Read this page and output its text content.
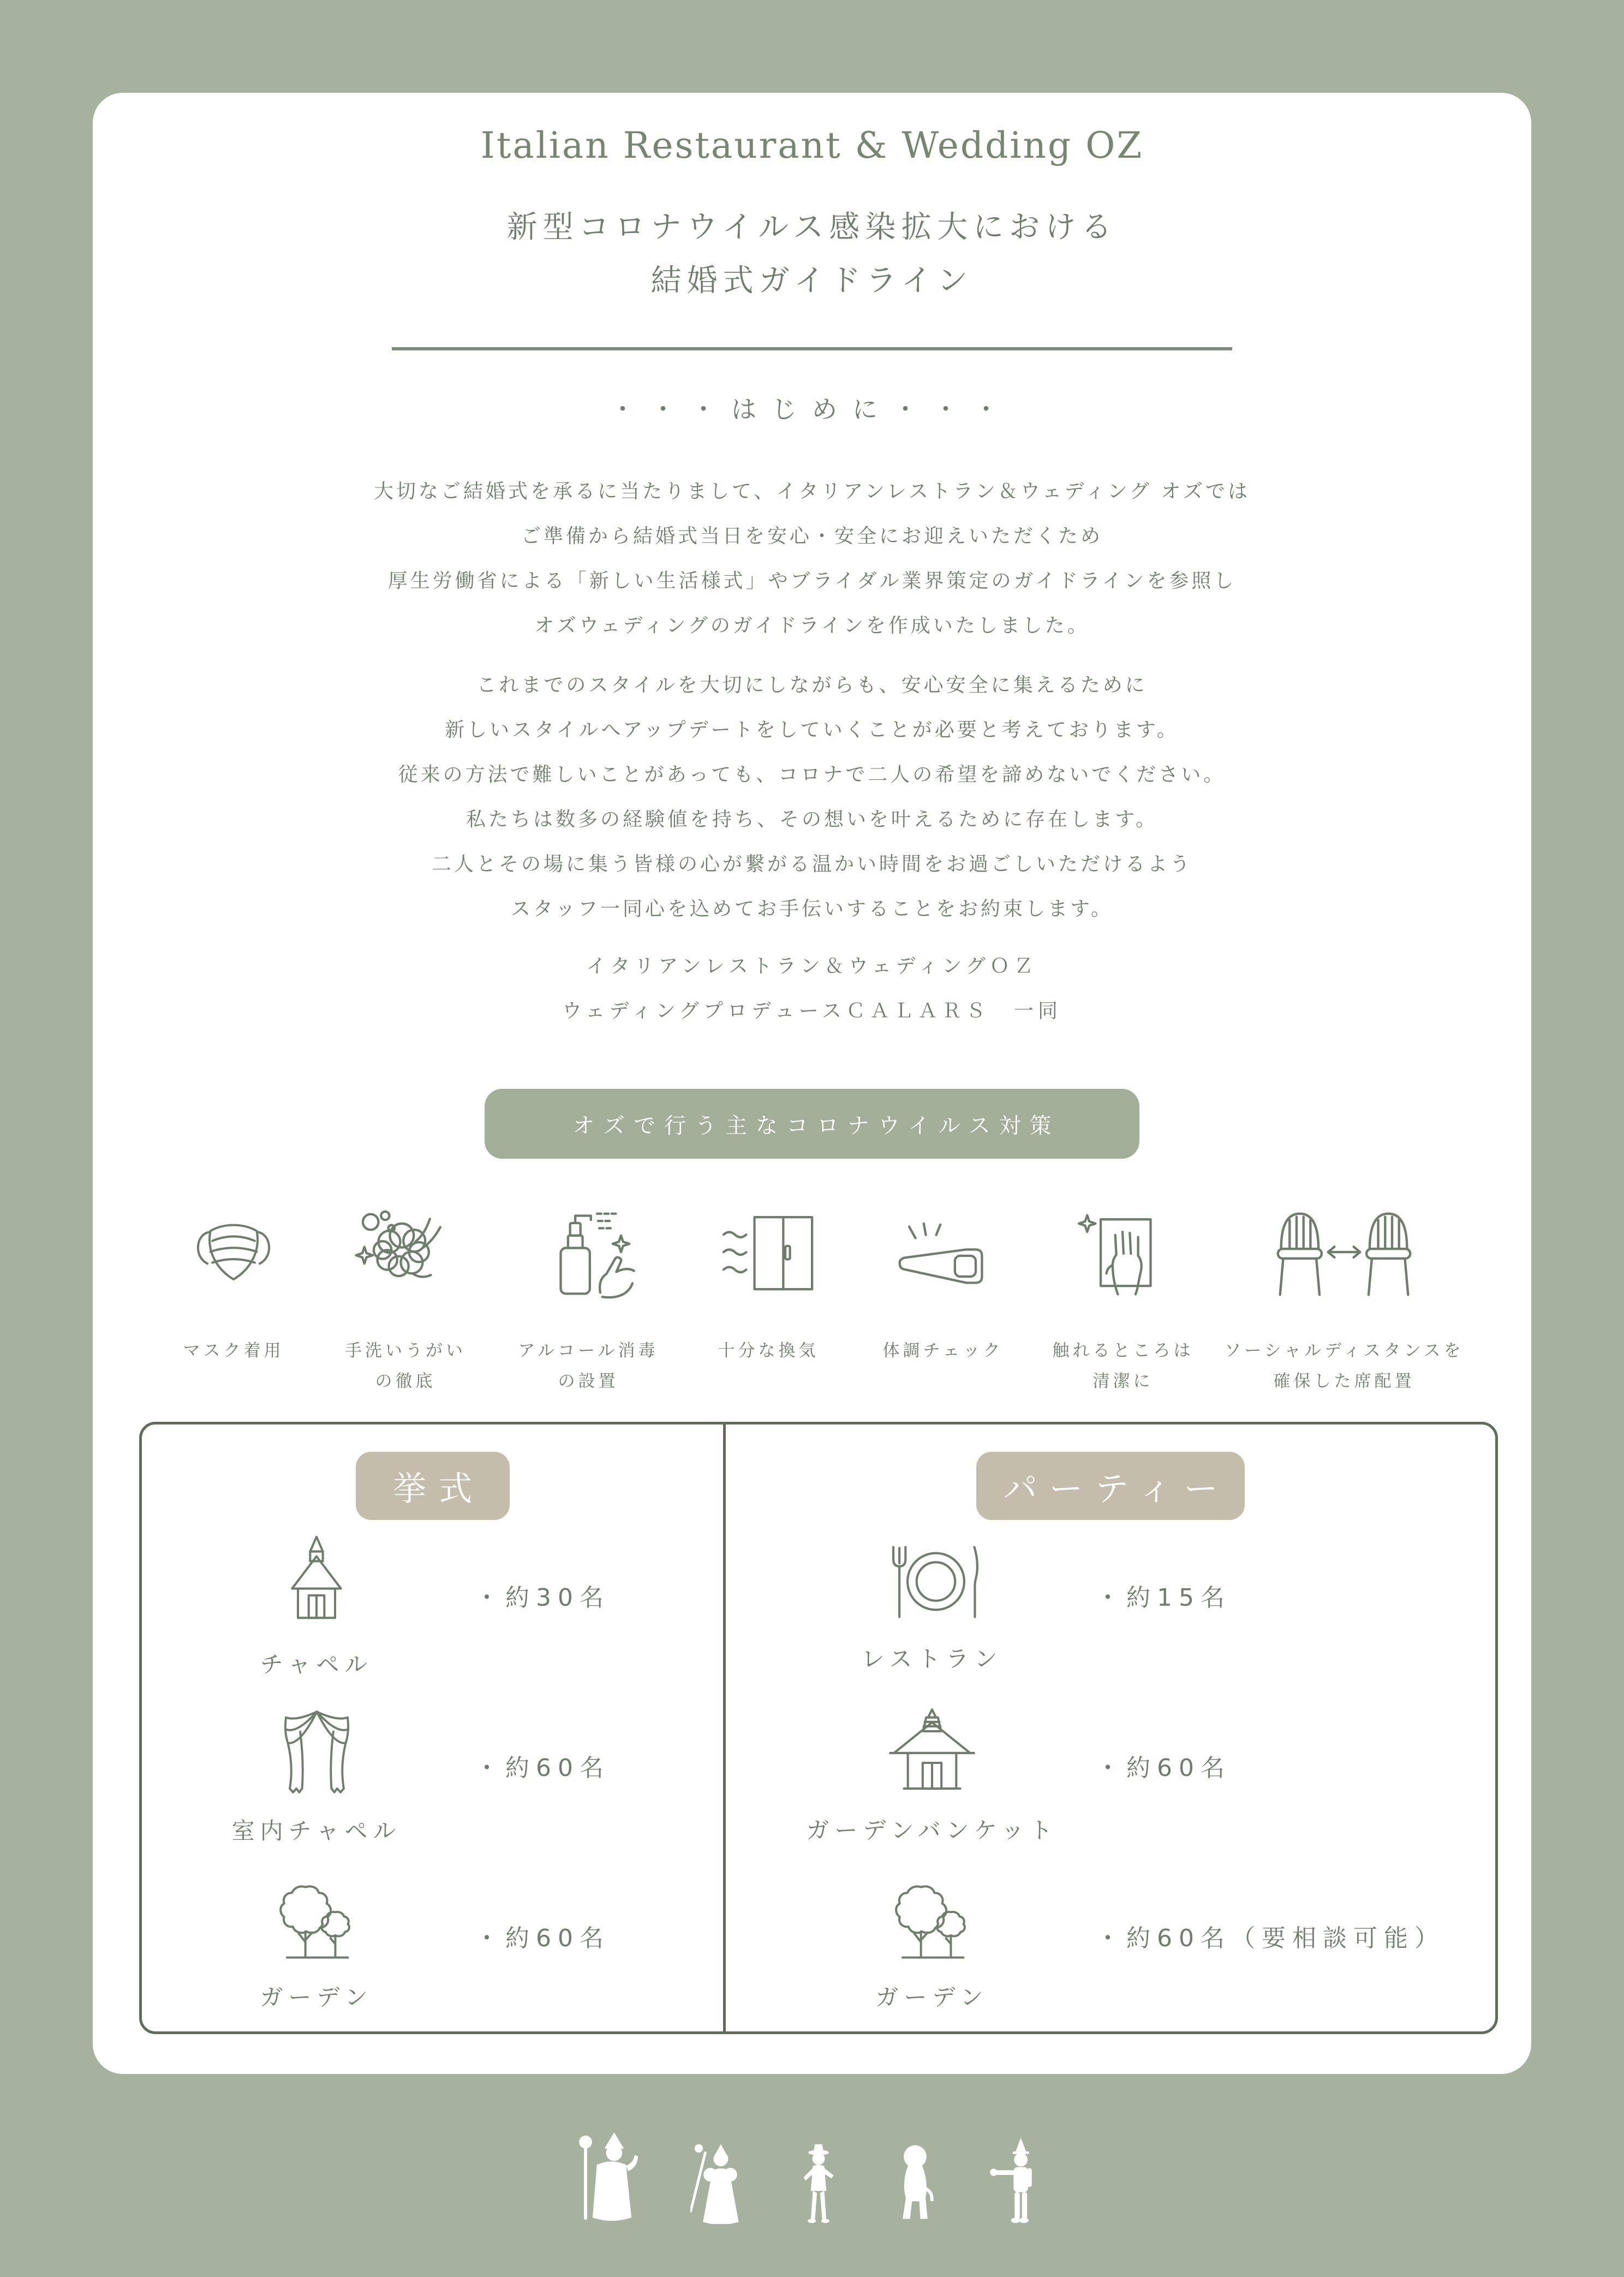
Italian Restaurant & Wedding OZ
新型コロナウイルス感染拡大における
結婚式ガイドライン
・・・はじめに・・・
大切なご結婚式を承るに当たりまして、イタリアンレストラン＆ウェディング オズでは
ご準備から結婚式当日を安心・安全にお迎えいただくため
厚生労働省による「新しい生活様式」やブライダル業界策定のガイドラインを参照し
オズウェディングのガイドラインを作成いたしました。
これまでのスタイルを大切にしながらも、安心安全に集えるために
新しいスタイルへアップデートをしていくことが必要と考えております。
従来の方法で難しいことがあっても、コロナで二人の希望を諦めないでください。
私たちは数多の経験値を持ち、その想いを叶えるために存在します。
二人とその場に集う皆様の心が繋がる温かい時間をお過ごしいただけるよう
スタッフ一同心を込めてお手伝いすることをお約束します。
イタリアンレストラン＆ウェディングＯＺ
ウェディングプロデュースＣＡＬＡＲＳ　一同
オズで行う主なコロナウイルス対策
マスク着用	手洗いうがい
の徹底
アルコール消毒
の設置
十分な換気	体調チェック	触れるところは
清潔に
ソーシャルディスタンスを
確保した席配置
挙式
チャペル
・約30名
室内チャペル
・約60名
ガーデン
・約60名
パーティー
レストラン
・約15名
ガーデンバンケット
・約60名
ガーデン
・約60名（要相談可能）
